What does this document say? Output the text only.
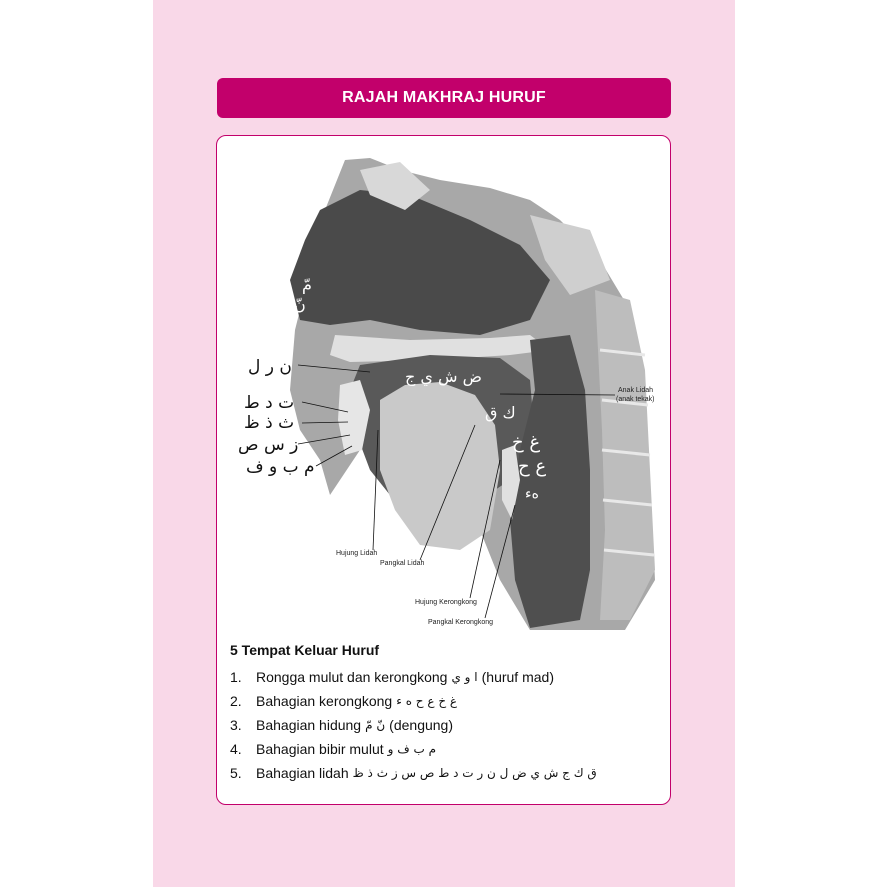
RAJAH MAKHRAJ HURUF
مّ
نّ
ض ش ي ج
ك ق
غ خ
ع ح
هء
ن ر ل
ت د ط
ث ذ ظ
ز س ص
م ب و ف
Anak Lidah
(anak tekak)
Hujung Lidah
Pangkal Lidah
Hujung Kerongkong
Pangkal Kerongkong
5 Tempat Keluar Huruf
1.	Rongga mulut dan kerongkong ا و ي (huruf mad)
2.	Bahagian kerongkong غ خ ع ح ه ء
3.	Bahagian hidung نّ مّ (dengung)
4.	Bahagian bibir mulut م ب ف و
5.	Bahagian lidah ق ك ج ش ي ض ل ن ر ت د ط ص س ز ث ذ ظ
